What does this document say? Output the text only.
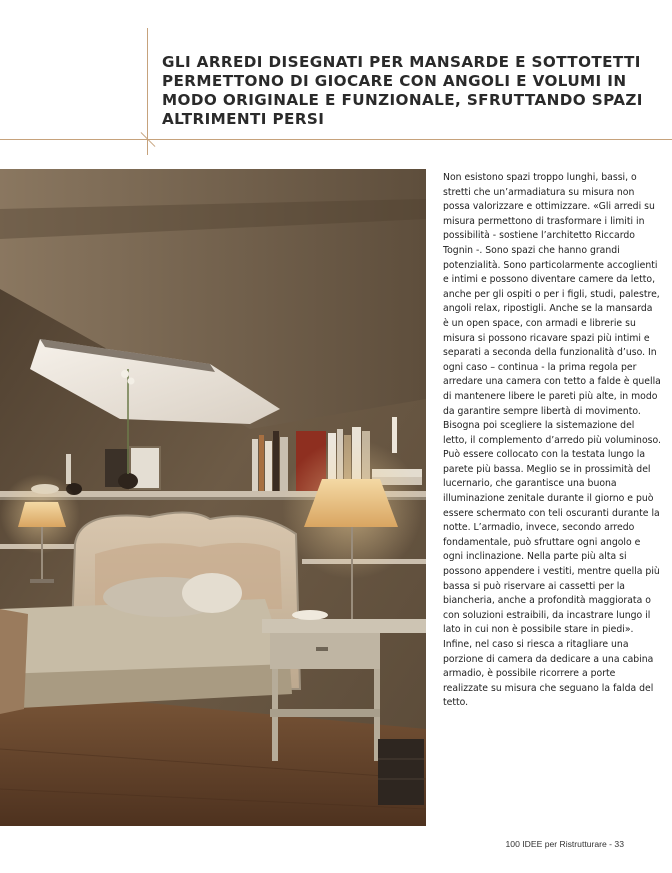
GLI ARREDI DISEGNATI PER MANSARDE E SOTTOTETTI PERMETTONO DI GIOCARE CON ANGOLI E VOLUMI IN MODO ORIGINALE E FUNZIONALE, SFRUTTANDO SPAZI ALTRIMENTI PERSI

Non esistono spazi troppo lunghi, bassi, o stretti che un’armadiatura su misura non possa valorizzare e ottimizzare. «Gli arredi su misura permettono di trasformare i limiti in possibilità - sostiene l’architetto Riccardo Tognin -. Sono spazi che hanno grandi potenzialità. Sono particolarmente accoglienti e intimi e possono diventare camere da letto, anche per gli ospiti o per i figli, studi, palestre, angoli relax, ripostigli. Anche se la mansarda è un open space, con armadi e librerie su misura si possono ricavare spazi più intimi e separati a seconda della funzionalità d’uso. In ogni caso – continua - la prima regola per arredare una camera con tetto a falde è quella di mantenere libere le pareti più alte, in modo da garantire sempre libertà di movimento. Bisogna poi scegliere la sistemazione del letto, il complemento d’arredo più voluminoso. Può essere collocato con la testata lungo la parete più bassa. Meglio se in prossimità del lucernario, che garantisce una buona illuminazione zenitale durante il giorno e può essere schermato con teli oscuranti durante la notte. L’armadio, invece, secondo arredo fondamentale, può sfruttare ogni angolo e ogni inclinazione. Nella parte più alta si possono appendere i vestiti, mentre quella più bassa si può riservare ai cassetti per la biancheria, anche a profondità maggiorata o con soluzioni estraibili, da incastrare lungo il lato in cui non è possibile stare in piedi». Infine, nel caso si riesca a ritagliare una porzione di camera da dedicare a una cabina armadio, è possibile ricorrere a porte realizzate su misura che seguano la falda del tetto.

100 IDEE per Ristrutturare - 33
